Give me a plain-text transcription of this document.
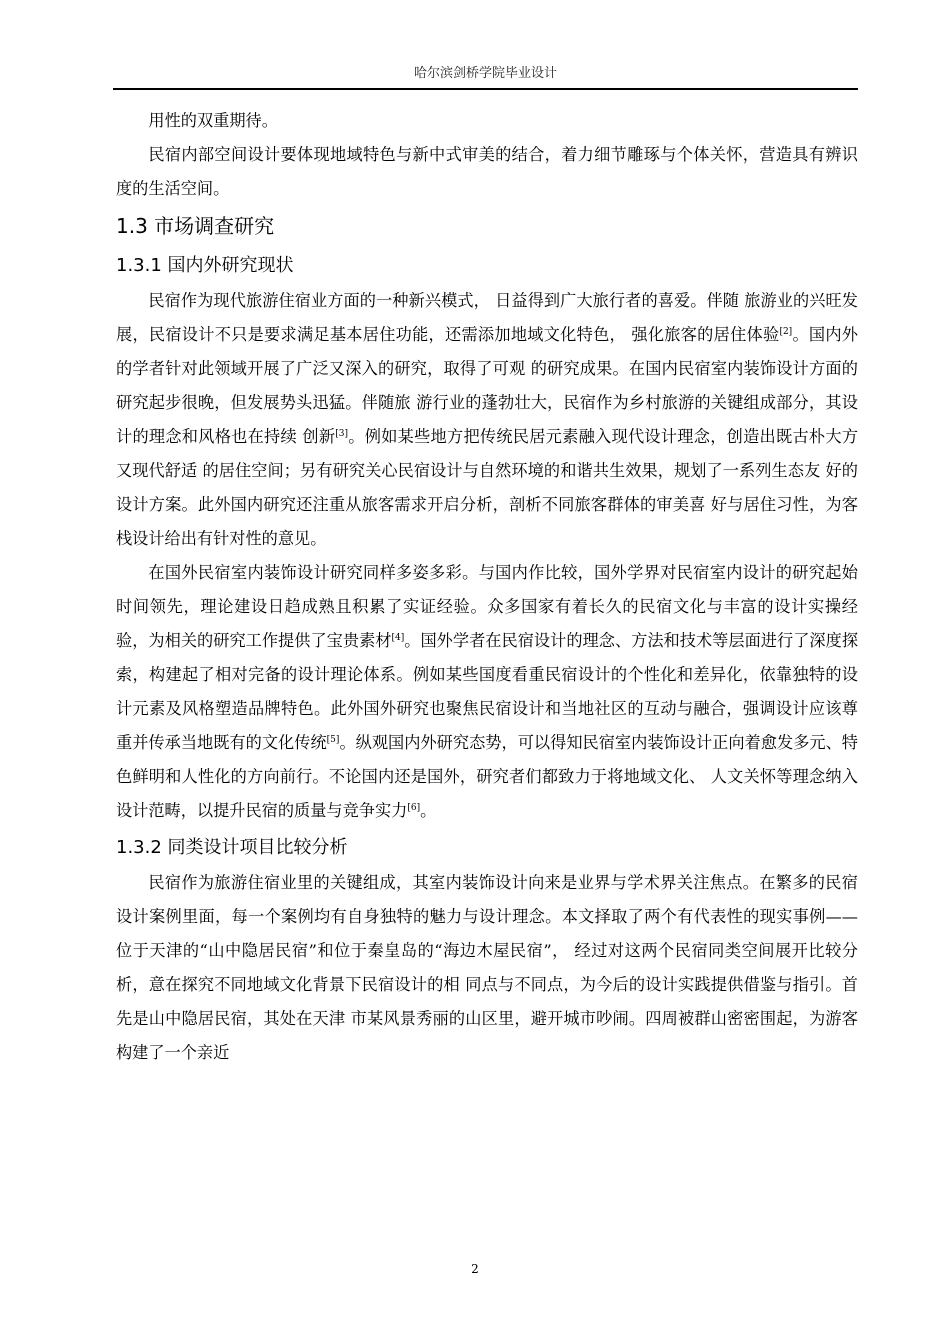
哈尔滨剑桥学院毕业设计

用性的双重期待。

民宿内部空间设计要体现地域特色与新中式审美的结合，着力细节雕琢与个体关怀，营造具有辨识度的生活空间。

1.3 市场调查研究
1.3.1 国内外研究现状

民宿作为现代旅游住宿业方面的一种新兴模式， 日益得到广大旅行者的喜爱。伴随 旅游业的兴旺发展，民宿设计不只是要求满足基本居住功能，还需添加地域文化特色， 强化旅客的居住体验[2]。国内外的学者针对此领域开展了广泛又深入的研究，取得了可观 的研究成果。在国内民宿室内装饰设计方面的研究起步很晚，但发展势头迅猛。伴随旅 游行业的蓬勃壮大，民宿作为乡村旅游的关键组成部分，其设计的理念和风格也在持续 创新[3]。例如某些地方把传统民居元素融入现代设计理念，创造出既古朴大方又现代舒适 的居住空间；另有研究关心民宿设计与自然环境的和谐共生效果，规划了一系列生态友 好的设计方案。此外国内研究还注重从旅客需求开启分析，剖析不同旅客群体的审美喜 好与居住习性，为客栈设计给出有针对性的意见。

在国外民宿室内装饰设计研究同样多姿多彩。与国内作比较，国外学界对民宿室内设计的研究起始时间领先，理论建设日趋成熟且积累了实证经验。众多国家有着长久的民宿文化与丰富的设计实操经验，为相关的研究工作提供了宝贵素材[4]。国外学者在民宿设计的理念、方法和技术等层面进行了深度探索，构建起了相对完备的设计理论体系。例如某些国度看重民宿设计的个性化和差异化，依靠独特的设计元素及风格塑造品牌特色。此外国外研究也聚焦民宿设计和当地社区的互动与融合，强调设计应该尊重并传承当地既有的文化传统[5]。纵观国内外研究态势，可以得知民宿室内装饰设计正向着愈发多元、特色鲜明和人性化的方向前行。不论国内还是国外，研究者们都致力于将地域文化、 人文关怀等理念纳入设计范畴，以提升民宿的质量与竞争实力[6]。

1.3.2 同类设计项目比较分析

民宿作为旅游住宿业里的关键组成，其室内装饰设计向来是业界与学术界关注焦点。在繁多的民宿设计案例里面，每一个案例均有自身独特的魅力与设计理念。本文择取了两个有代表性的现实事例——位于天津的“山中隐居民宿”和位于秦皇岛的“海边木屋民宿”， 经过对这两个民宿同类空间展开比较分析，意在探究不同地域文化背景下民宿设计的相 同点与不同点，为今后的设计实践提供借鉴与指引。首先是山中隐居民宿，其处在天津 市某风景秀丽的山区里，避开城市吵闹。四周被群山密密围起，为游客构建了一个亲近

2
